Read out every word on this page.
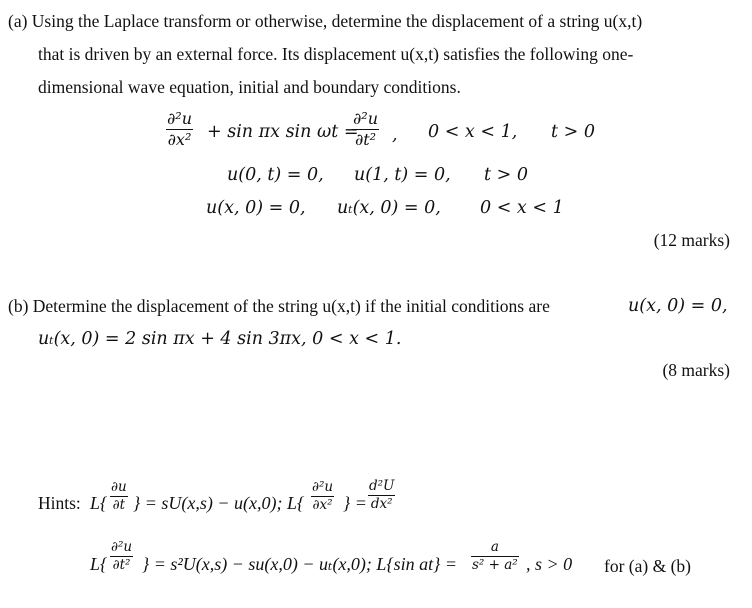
(a) Using the Laplace transform or otherwise, determine the displacement of a string u(x,t)
that is driven by an external force. Its displacement u(x,t) satisfies the following one-
dimensional wave equation, initial and boundary conditions.
∂²u
∂x² + sin πx sin ωt =
∂²u
∂t² , 0 < x < 1, t > 0
u(0, t) = 0, u(1, t) = 0, t > 0
u(x, 0) = 0, uₜ(x, 0) = 0, 0 < x < 1
(12 marks)
(b) Determine the displacement of the string u(x,t) if the initial conditions are	u(x, 0) = 0,
uₜ(x, 0) = 2 sin πx + 4 sin 3πx, 0 < x < 1.
(8 marks)
Hints: L{
∂u
∂t } = sU(x,s) − u(x,0); L{
∂²u
∂x² } =
d²U
dx²
L{
∂²u
∂t² } = s²U(x,s) − su(x,0) − uₜ(x,0); L{sin at} =
a
s² + a² , s > 0 for (a) & (b)
